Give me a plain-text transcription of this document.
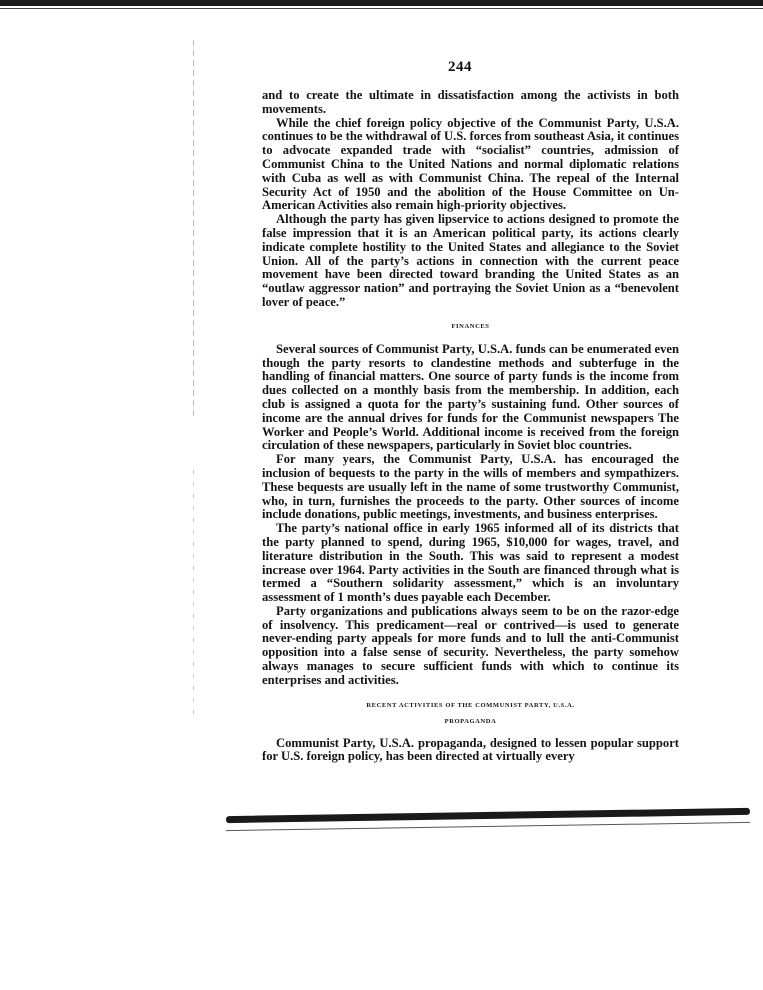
244

and to create the ultimate in dissatisfaction among the activists in both movements.

While the chief foreign policy objective of the Communist Party, U.S.A. continues to be the withdrawal of U.S. forces from southeast Asia, it continues to advocate expanded trade with “socialist” countries, admission of Communist China to the United Nations and normal diplomatic relations with Cuba as well as with Communist China. The repeal of the Internal Security Act of 1950 and the abolition of the House Committee on Un-American Activities also remain high-priority objectives.

Although the party has given lipservice to actions designed to promote the false impression that it is an American political party, its actions clearly indicate complete hostility to the United States and allegiance to the Soviet Union. All of the party’s actions in connection with the current peace movement have been directed toward branding the United States as an “outlaw aggressor nation” and portraying the Soviet Union as a “benevolent lover of peace.”

FINANCES

Several sources of Communist Party, U.S.A. funds can be enumerated even though the party resorts to clandestine methods and subterfuge in the handling of financial matters. One source of party funds is the income from dues collected on a monthly basis from the membership. In addition, each club is assigned a quota for the party’s sustaining fund. Other sources of income are the annual drives for funds for the Communist newspapers The Worker and People’s World. Additional income is received from the foreign circulation of these newspapers, particularly in Soviet bloc countries.

For many years, the Communist Party, U.S.A. has encouraged the inclusion of bequests to the party in the wills of members and sympathizers. These bequests are usually left in the name of some trustworthy Communist, who, in turn, furnishes the proceeds to the party. Other sources of income include donations, public meetings, investments, and business enterprises.

The party’s national office in early 1965 informed all of its districts that the party planned to spend, during 1965, $10,000 for wages, travel, and literature distribution in the South. This was said to represent a modest increase over 1964. Party activities in the South are financed through what is termed a “Southern solidarity assessment,” which is an involuntary assessment of 1 month’s dues payable each December.

Party organizations and publications always seem to be on the razor-edge of insolvency. This predicament—real or contrived—is used to generate never-ending party appeals for more funds and to lull the anti-Communist opposition into a false sense of security. Nevertheless, the party somehow always manages to secure sufficient funds with which to continue its enterprises and activities.

RECENT ACTIVITIES OF THE COMMUNIST PARTY, U.S.A.
PROPAGANDA

Communist Party, U.S.A. propaganda, designed to lessen popular support for U.S. foreign policy, has been directed at virtually every
